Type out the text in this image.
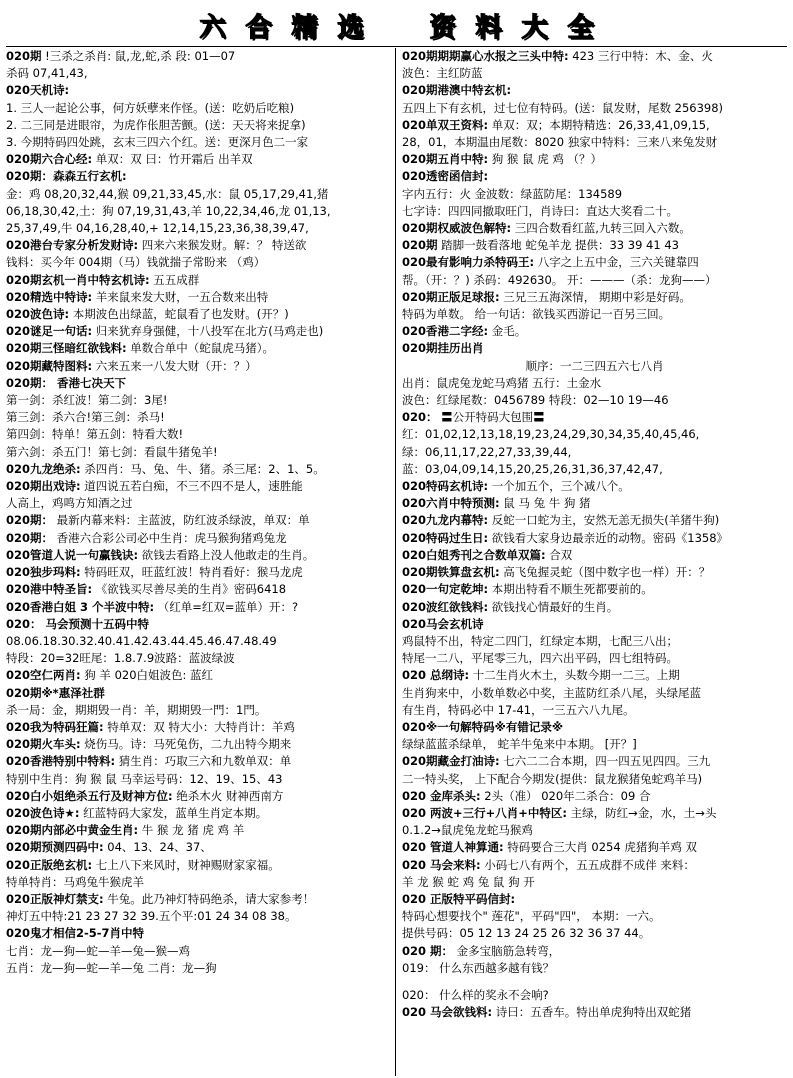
六 合 精 选	资 料 大 全
020期 !三杀之杀肖: 鼠,龙,蛇,杀 段: 01—07
杀码 07,41,43,
020天机诗:
1. 三人一起论公事，何方妖孽来作怪。(送：吃奶后吃粮)
2. 二三同是进眼帘，为虎作伥胆苦颤。(送：天天将来捉拿)
3. 今期特码四处跳，玄末三四六个红。送：更深月色二一家
020期六合心经: 单双：双 曰：竹开霜后 出羊双
020期：森森五行玄机:
金：鸡 08,20,32,44,猴 09,21,33,45,水：鼠 05,17,29,41,猪
06,18,30,42,土：狗 07,19,31,43,羊 10,22,34,46,龙 01,13,
25,37,49,牛 04,16,28,40,+ 12,14,15,23,36,38,39,47,
020港台专家分析发财诗: 四来六来猴发财。解：？ 特送欲
钱料：买今年 004期（马）钱就揣子常盼来 （鸡）
020期玄机一肖中特玄机诗: 五五成群
020精选中特诗: 羊来鼠来发大财，一五合数来出特
020波色诗: 本期波色出绿蓝，蛇鼠看了也发财。(开？)
020谜足一句话: 归来犹弃身强健，十八投军在北方(马鸡走也)
020期三怪暗红欲钱料: 单数合单中（蛇鼠虎马猪）。
020期藏特图料: 六来五来一八发大财（开：？）
020期： 香港七决天下
第一剑：杀红波！第二剑：3尾!
第三剑：杀六合!第三剑：杀马!
第四剑：特单！第五剑：特看大数!
第六剑：杀五门！第七剑：看鼠牛猪兔羊!
020九龙绝杀: 杀四肖：马、兔、牛、猪。杀三尾：2、1、5。
020期出戏诗: 道四说五若白痴，不三不四不是人，速胜能
人高上，鸡鸣方知酒之过
020期： 最新内幕来料：主蓝波，防红波杀绿波，单双：单
020期： 香港六合彩公司必中生肖：虎马猴狗猪鸡兔龙
020管道人说一句赢钱诀: 欲钱去看路上没人他敢走的生肖。
020独步玛料: 特码旺双，旺蓝红波！特肖看好：猴马龙虎
020港中特圣旨: 《欲钱买尽善尽美的生肖》密码6418
020香港白姐 3 个半波中特: （红单=红双=蓝单）开：?
020： 马会预测十五码中特
08.06.18.30.32.40.41.42.43.44.45.46.47.48.49
特段：20=32旺尾：1.8.7.9波路：蓝波绿波
020空仁两肖: 狗 羊 020白姐波色: 蓝红
020期※*惠泽社群
杀一局：金，期期毁一肖：羊，期期毁一門：1門。
020我为特码狂篇: 特单双：双 特大小：大特肖计：羊鸡
020期火车头: 烧伤马。诗：马死兔伤，二九出特今期来
020香港特别中特料: 猜生肖：巧取三六和九数单双：单
特别中生肖：狗 猴 鼠 马幸运号码：12、19、15、43
020白小姐绝杀五行及财神方位: 绝杀木火 财神西南方
020波色诗★: 红蓝特码大家发，蓝单生肖定本期。
020期内部必中黄金生肖: 牛 猴 龙 猪 虎 鸡 羊
020期预测四码中: 04、13、24、37、
020正版绝玄机: 七上八下来风时，财神赐财家家福。
特单特肖：马鸡兔牛猴虎羊
020正版神灯禁支: 牛兔。此乃神灯特码绝杀，请大家参考！
神灯五中特:21 23 27 32 39.五个平:01 24 34 08 38。
020鬼才相信2-5-7肖中特
七肖：龙—狗—蛇—羊—兔—猴—鸡
五肖：龙—狗—蛇—羊—兔 二肖：龙—狗
020期期期赢心水报之三头中特: 423 三行中特：木、金、火
波色：主红防蓝
020期港澳中特玄机:
五四上下有玄机，过七位有特码。(送：鼠发财，尾数 256398)
020单双王资料: 单双：双；本期特精选：26,33,41,09,15,
28，01，本期温由尾数：8020 独家中特料：三来八来兔发财
020期五肖中特: 狗 猴 鼠 虎 鸡 （？）
020透密函信封:
字内五行：火 金波数：绿蓝防尾：134589
七字诗：四四同撤取旺门，肖诗曰：直达大奖看二十。
020期权威波色解特: 三四合数看红蓝,九转三回入六数。
020期 踏脚一鼓看落地 蛇兔羊龙 提供：33 39 41 43
020最有影响力杀特码王: 八字之上五中金，三六关键靠四
帮。（开：？) 杀码：492630。 开：———（杀：龙狗——）
020期正版足球报: 三兄三五海深情， 期期中彩是好码。
特码为单数。 给一句话：欲钱买西游记一百另三回。
020香港二字经: 金毛。
020期挂历出肖
顺序：一二三四五六七八肖
出肖：鼠虎兔龙蛇马鸡猪 五行：土金水
波色：红绿尾数：0456789 特段：02—10 19—46
020： 〓公开特码大包围〓
红：01,02,12,13,18,19,23,24,29,30,34,35,40,45,46,
绿：06,11,17,22,27,33,39,44,
蓝：03,04,09,14,15,20,25,26,31,36,37,42,47,
020特码玄机诗: 一个加五个，三个减八个。
020六肖中特预测: 鼠 马 兔 牛 狗 猪
020九龙内幕特: 反蛇一口蛇为主，安然无恙无损失(羊猪牛狗)
020特码过生日: 欲钱看大家身边最亲近的动物。密码《1358》
020白姐秀刊之合数单双篇: 合双
020期铁算盘玄机: 高飞兔握灵蛇（图中数字也一样）开：？
020一句定乾坤: 本期出特看不顺生死都要前的。
020波红欲钱料: 欲钱找心情最好的生肖。
020马会玄机诗
鸡鼠特不出，特定二四门，红绿定本期，七配三八出；
特尾一二八，平尾零三九，四六出平码，四七组特码。
020 总纲诗: 十二生肖火木土，头数今期一二三。上期
生肖狗来中，小数单数必中奖，主蓝防红杀八尾，头绿尾蓝
有生肖，特码必中 17-41，一三五六八九尾。
020※一句解特码※有错记录※
绿绿蓝蓝杀绿单， 蛇羊牛兔来中本期。 [开？]
020期藏金打油诗: 七六二二合本期，四一四五见四四。三九
二一特头奖， 上下配合今期发(提供：鼠龙猴猪兔蛇鸡羊马)
020 金库杀头: 2头（准） 020年二杀合：09 合
020 两波+三行+八肖+中特区: 主绿，防红→金，水，土→头
0.1.2→鼠虎兔龙蛇马猴鸡
020 管道人神算通: 特码要合三大肖 0254 虎猪狗羊鸡 双
020 马会来料: 小码七八有两个，五五成群不成伴 来料：
羊 龙 猴 蛇 鸡 兔 鼠 狗 开
020 正版特平码信封:
特码心想要找个" 莲花"，平码"四"， 本期：一六。
提供号码：05 12 13 24 25 26 32 36 37 44。
020 期： 金多宝脑筋急转弯，
019： 什么东西越多越有钱？
020： 什么样的奖永不会响?
020 马会欲钱料: 诗曰：五香车。特出单虎狗特出双蛇猪
